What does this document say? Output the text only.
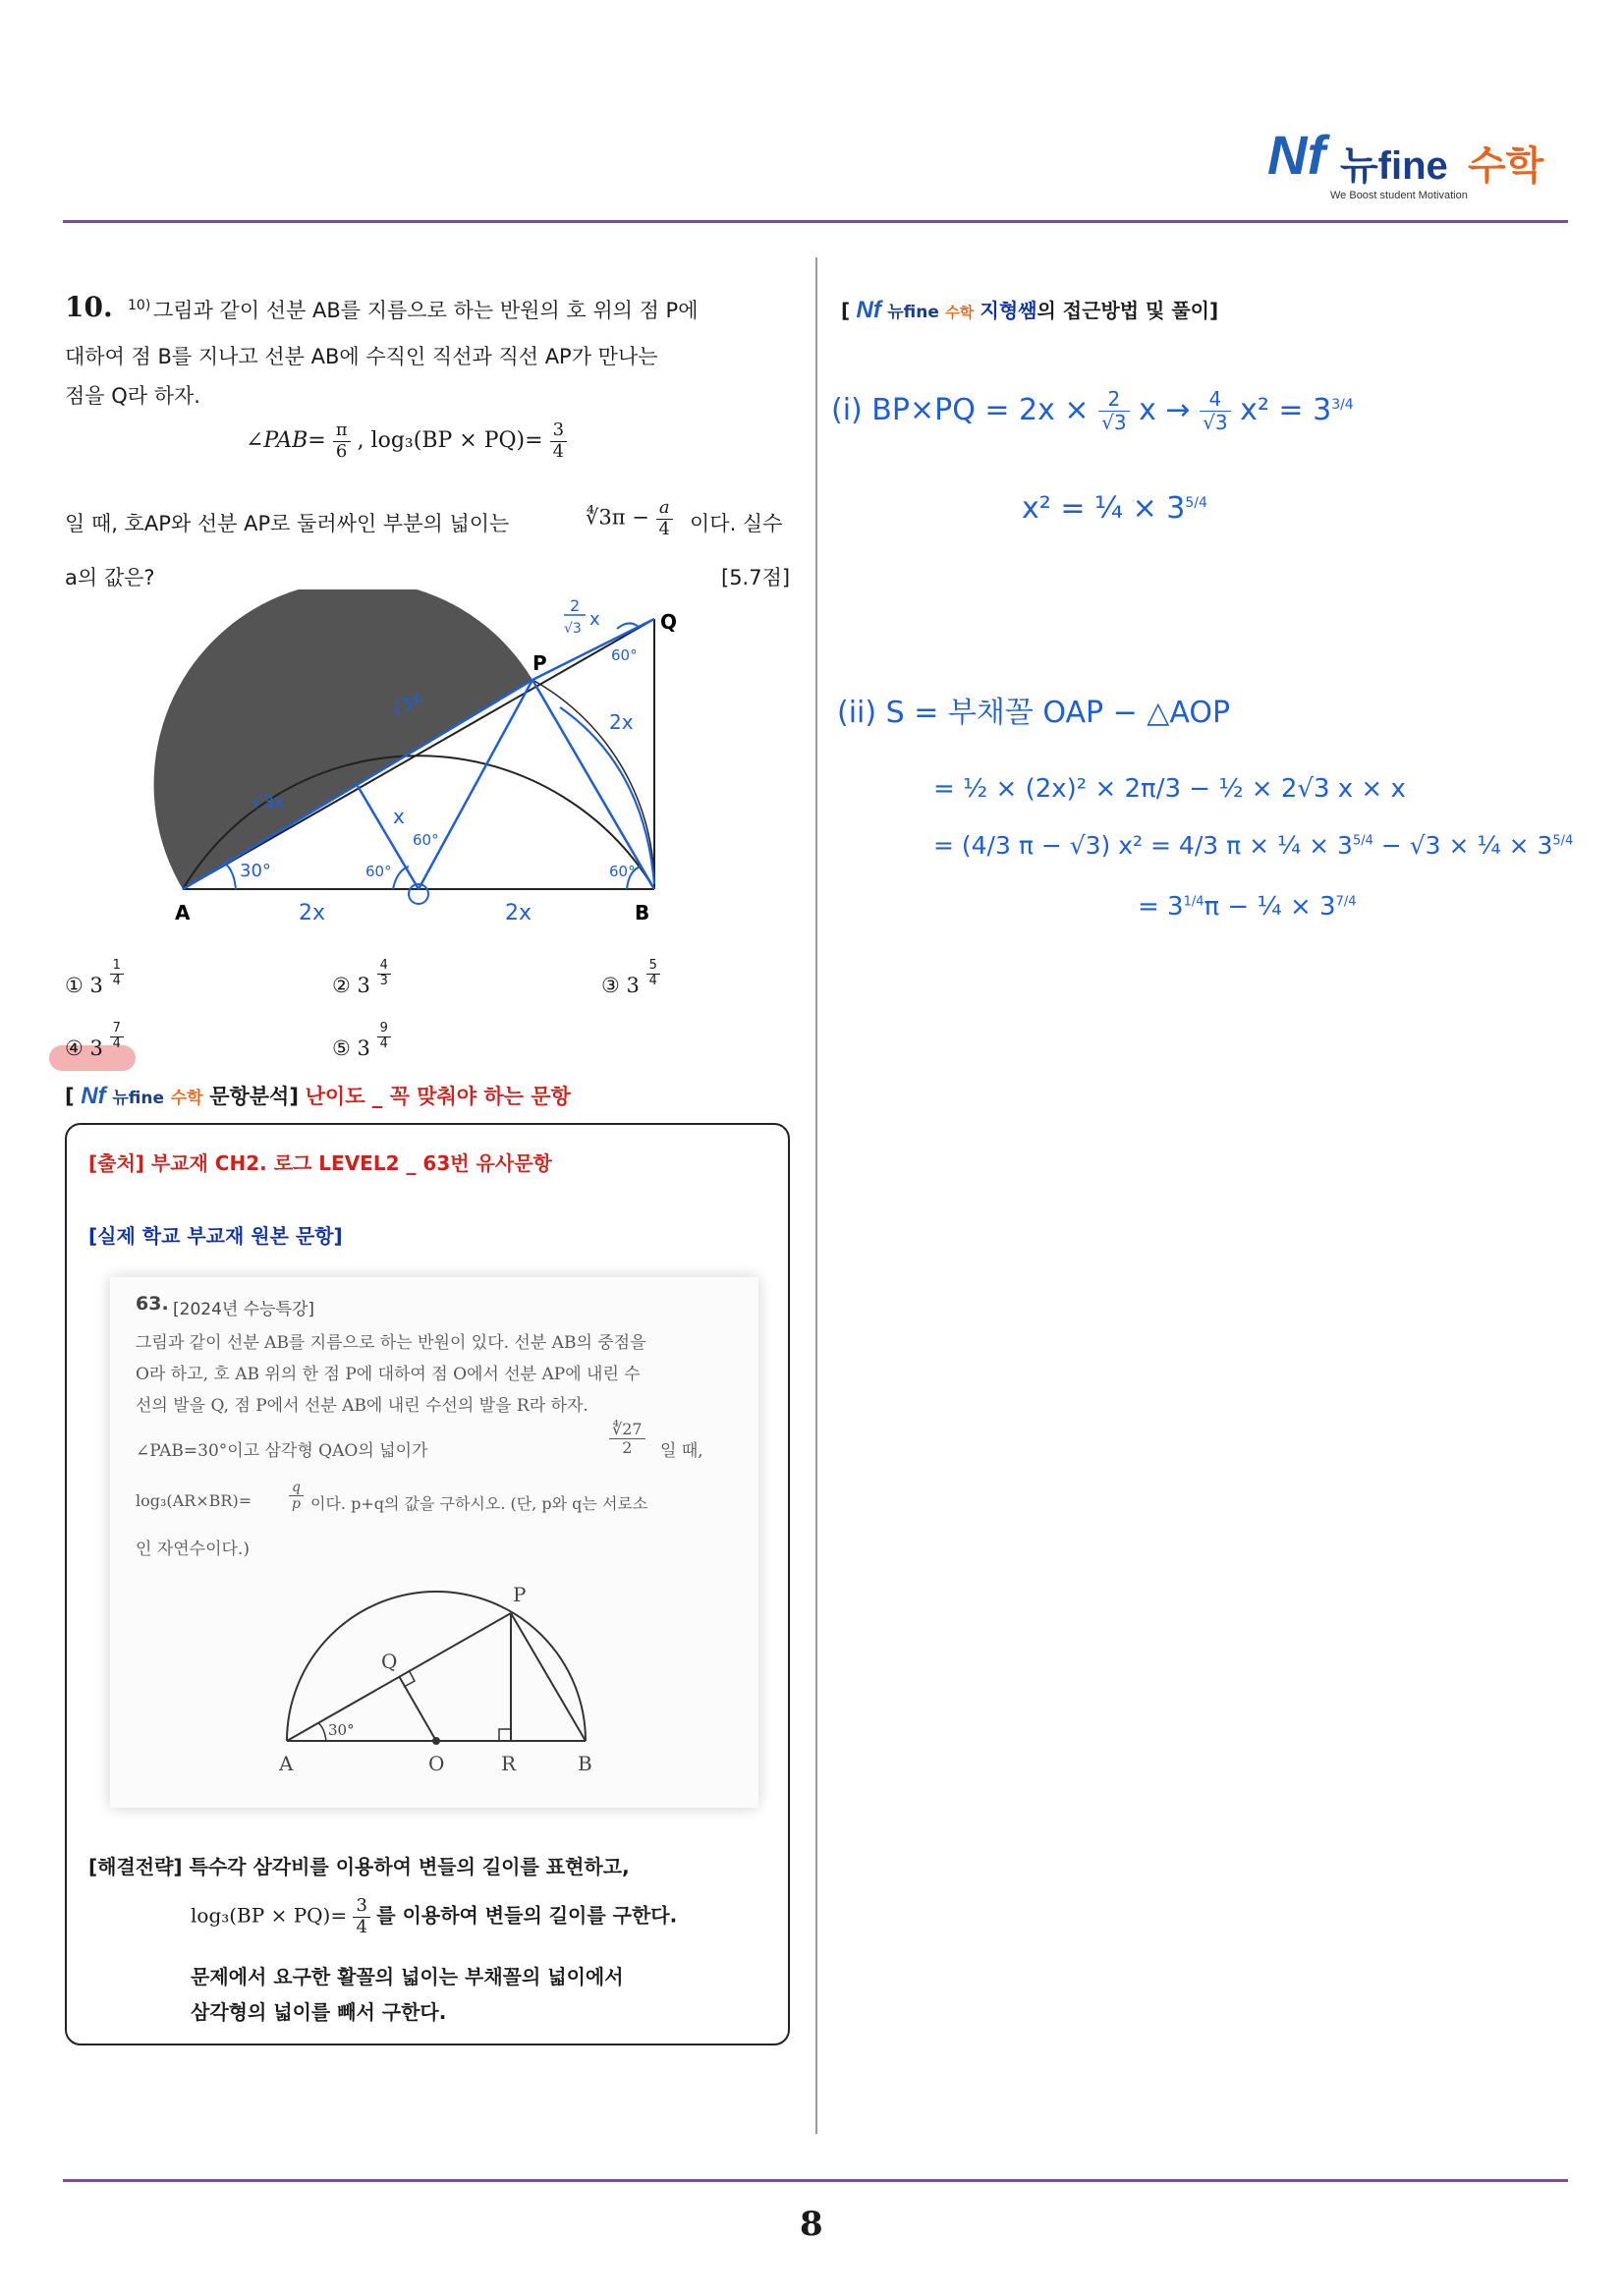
Nf 뉴fine 수학
We Boost student Motivation
10. 10) 그림과 같이 선분 AB를 지름으로 하는 반원의 호 위의 점 P에
대하여 점 B를 지나고 선분 AB에 수직인 직선과 직선 AP가 만나는
점을 Q라 하자.
∠PAB= $\frac{\pi}{6}$ , $\log_3(BP \times PQ)= \frac{3}{4}$
일 때, 호AP와 선분 AP로 둘러싸인 부분의 넓이는	∜3π − $\frac{a}{4}$ 이다. 실수
a의 값은?	[5.7점]
A	B
P
Q
2x	2x
2x
x
√3x
√3x
2
√3 x
30°	60°
60°
60°
60°
① $3 \frac{1}{4}$	② $3 \frac{4}{3}$	③ $3 \frac{5}{4}$
④ $3 \frac{7}{4}$	⑤ $3 \frac{9}{4}$
[ Nf 뉴fine 수학 문항분석] 난이도 _ 꼭 맞춰야 하는 문항
[출처] 부교재 CH2. 로그 LEVEL2 _ 63번 유사문항
[실제 학교 부교재 원본 문항]
63. [2024년 수능특강]
그림과 같이 선분 AB를 지름으로 하는 반원이 있다. 선분 AB의 중점을
O라 하고, 호 AB 위의 한 점 P에 대하여 점 O에서 선분 AP에 내린 수
선의 발을 Q, 점 P에서 선분 AB에 내린 수선의 발을 R라 하자.
∠PAB=30°이고 삼각형 QAO의 넓이가	$\frac{∜27}{2}$ 일 때,
log₃(AR×BR)=	$\frac{q}{p}$ 이다. p+q의 값을 구하시오. (단, p와 q는 서로소
인 자연수이다.)
A	O	R	B
P
Q
30°
[해결전략] 특수각 삼각비를 이용하여 변들의 길이를 표현하고,
$\log_3(BP \times PQ)= \frac{3}{4}$ 를 이용하여 변들의 길이를 구한다.
문제에서 요구한 활꼴의 넓이는 부채꼴의 넓이에서
삼각형의 넓이를 빼서 구한다.
[ Nf 뉴fine 수학 지형쌤의 접근방법 및 풀이]
(i) $BP\times PQ = 2x \times \frac{2}{√3}$ $x \to \frac{4}{√3} x^2 = 3^{3/4}$
x² = ¼ × $3^{5/4}$
(ii) S = 부채꼴 OAP − △AOP
= ½ × (2x)² × 2π/3 − ½ × 2√3 x × x
= (4/3 π − √3) x² = 4/3 π × ¼ × $3^{5/4} - √3$ × ¼ × $3^{5/4}$
= $3^{1/4}\pi$ − ¼ × $3^{7/4}$
8
